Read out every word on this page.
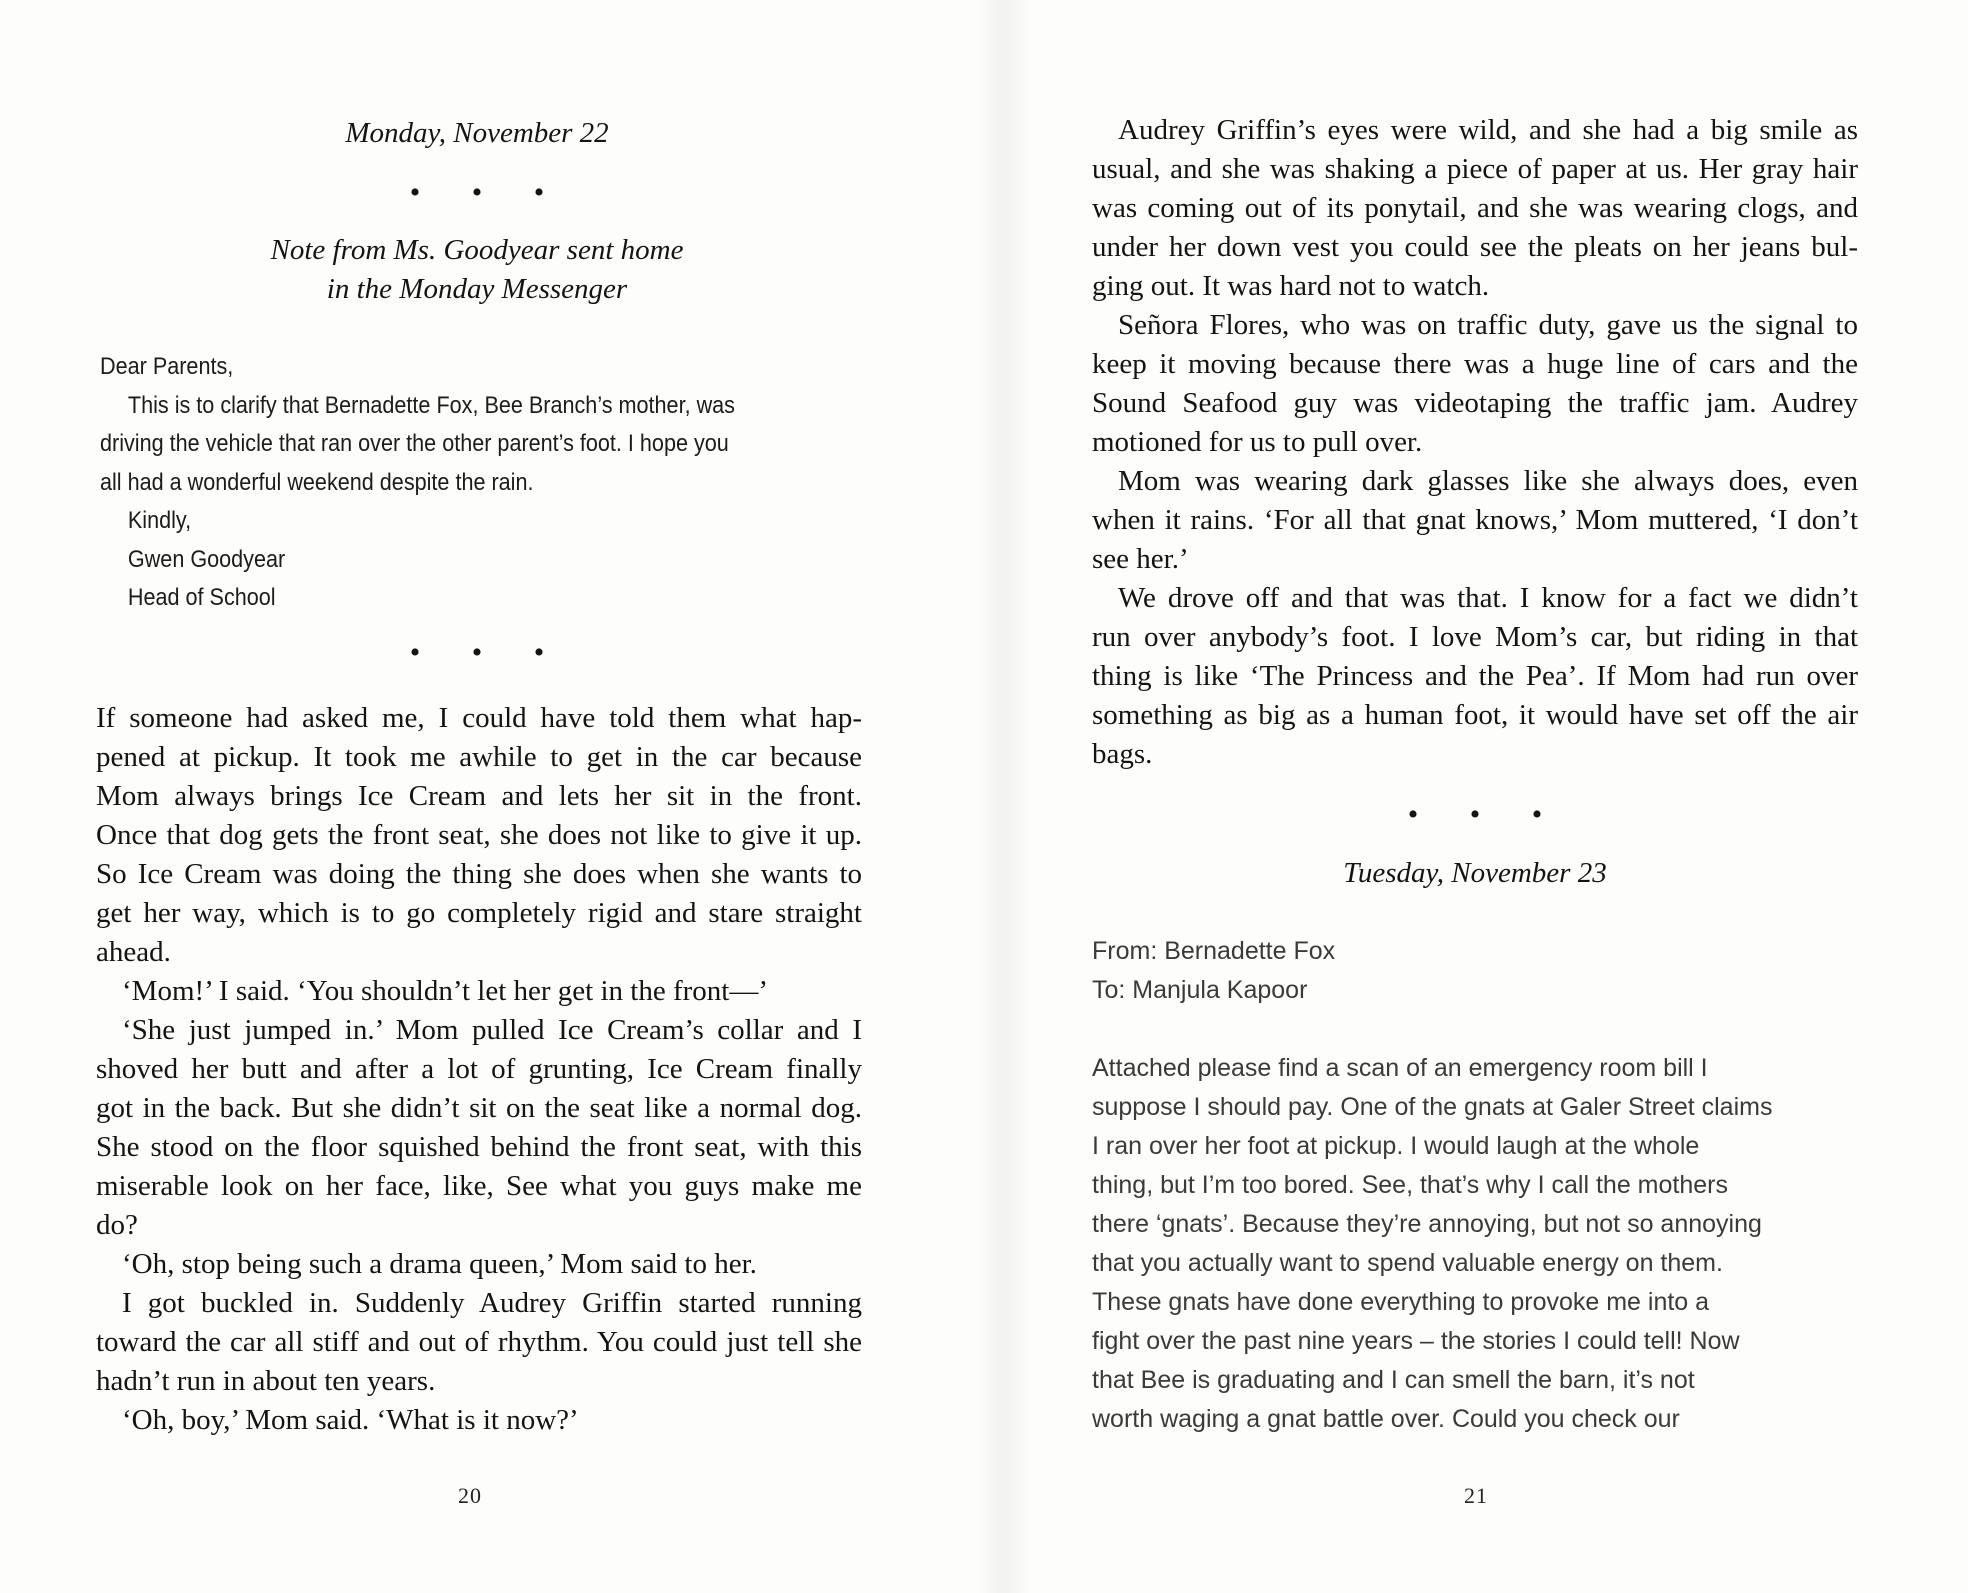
Monday, November 22
• • •
Note from Ms. Goodyear sent home
in the Monday Messenger
Dear Parents,
This is to clarify that Bernadette Fox, Bee Branch’s mother, was
driving the vehicle that ran over the other parent’s foot. I hope you
all had a wonderful weekend despite the rain.
Kindly,
Gwen Goodyear
Head of School
• • •
If someone had asked me, I could have told them what hap-
pened at pickup. It took me awhile to get in the car because
Mom always brings Ice Cream and lets her sit in the front.
Once that dog gets the front seat, she does not like to give it up.
So Ice Cream was doing the thing she does when she wants to
get her way, which is to go completely rigid and stare straight
ahead.
‘Mom!’ I said. ‘You shouldn’t let her get in the front—’
‘She just jumped in.’ Mom pulled Ice Cream’s collar and I
shoved her butt and after a lot of grunting, Ice Cream finally
got in the back. But she didn’t sit on the seat like a normal dog.
She stood on the floor squished behind the front seat, with this
miserable look on her face, like, See what you guys make me
do?
‘Oh, stop being such a drama queen,’ Mom said to her.
I got buckled in. Suddenly Audrey Griffin started running
toward the car all stiff and out of rhythm. You could just tell she
hadn’t run in about ten years.
‘Oh, boy,’ Mom said. ‘What is it now?’
20
Audrey Griffin’s eyes were wild, and she had a big smile as
usual, and she was shaking a piece of paper at us. Her gray hair
was coming out of its ponytail, and she was wearing clogs, and
under her down vest you could see the pleats on her jeans bul-
ging out. It was hard not to watch.
Señora Flores, who was on traffic duty, gave us the signal to
keep it moving because there was a huge line of cars and the
Sound Seafood guy was videotaping the traffic jam. Audrey
motioned for us to pull over.
Mom was wearing dark glasses like she always does, even
when it rains. ‘For all that gnat knows,’ Mom muttered, ‘I don’t
see her.’
We drove off and that was that. I know for a fact we didn’t
run over anybody’s foot. I love Mom’s car, but riding in that
thing is like ‘The Princess and the Pea’. If Mom had run over
something as big as a human foot, it would have set off the air
bags.
• • •
Tuesday, November 23
From: Bernadette Fox
To: Manjula Kapoor
Attached please find a scan of an emergency room bill I
suppose I should pay. One of the gnats at Galer Street claims
I ran over her foot at pickup. I would laugh at the whole
thing, but I’m too bored. See, that’s why I call the mothers
there ‘gnats’. Because they’re annoying, but not so annoying
that you actually want to spend valuable energy on them.
These gnats have done everything to provoke me into a
fight over the past nine years – the stories I could tell! Now
that Bee is graduating and I can smell the barn, it’s not
worth waging a gnat battle over. Could you check our
21
